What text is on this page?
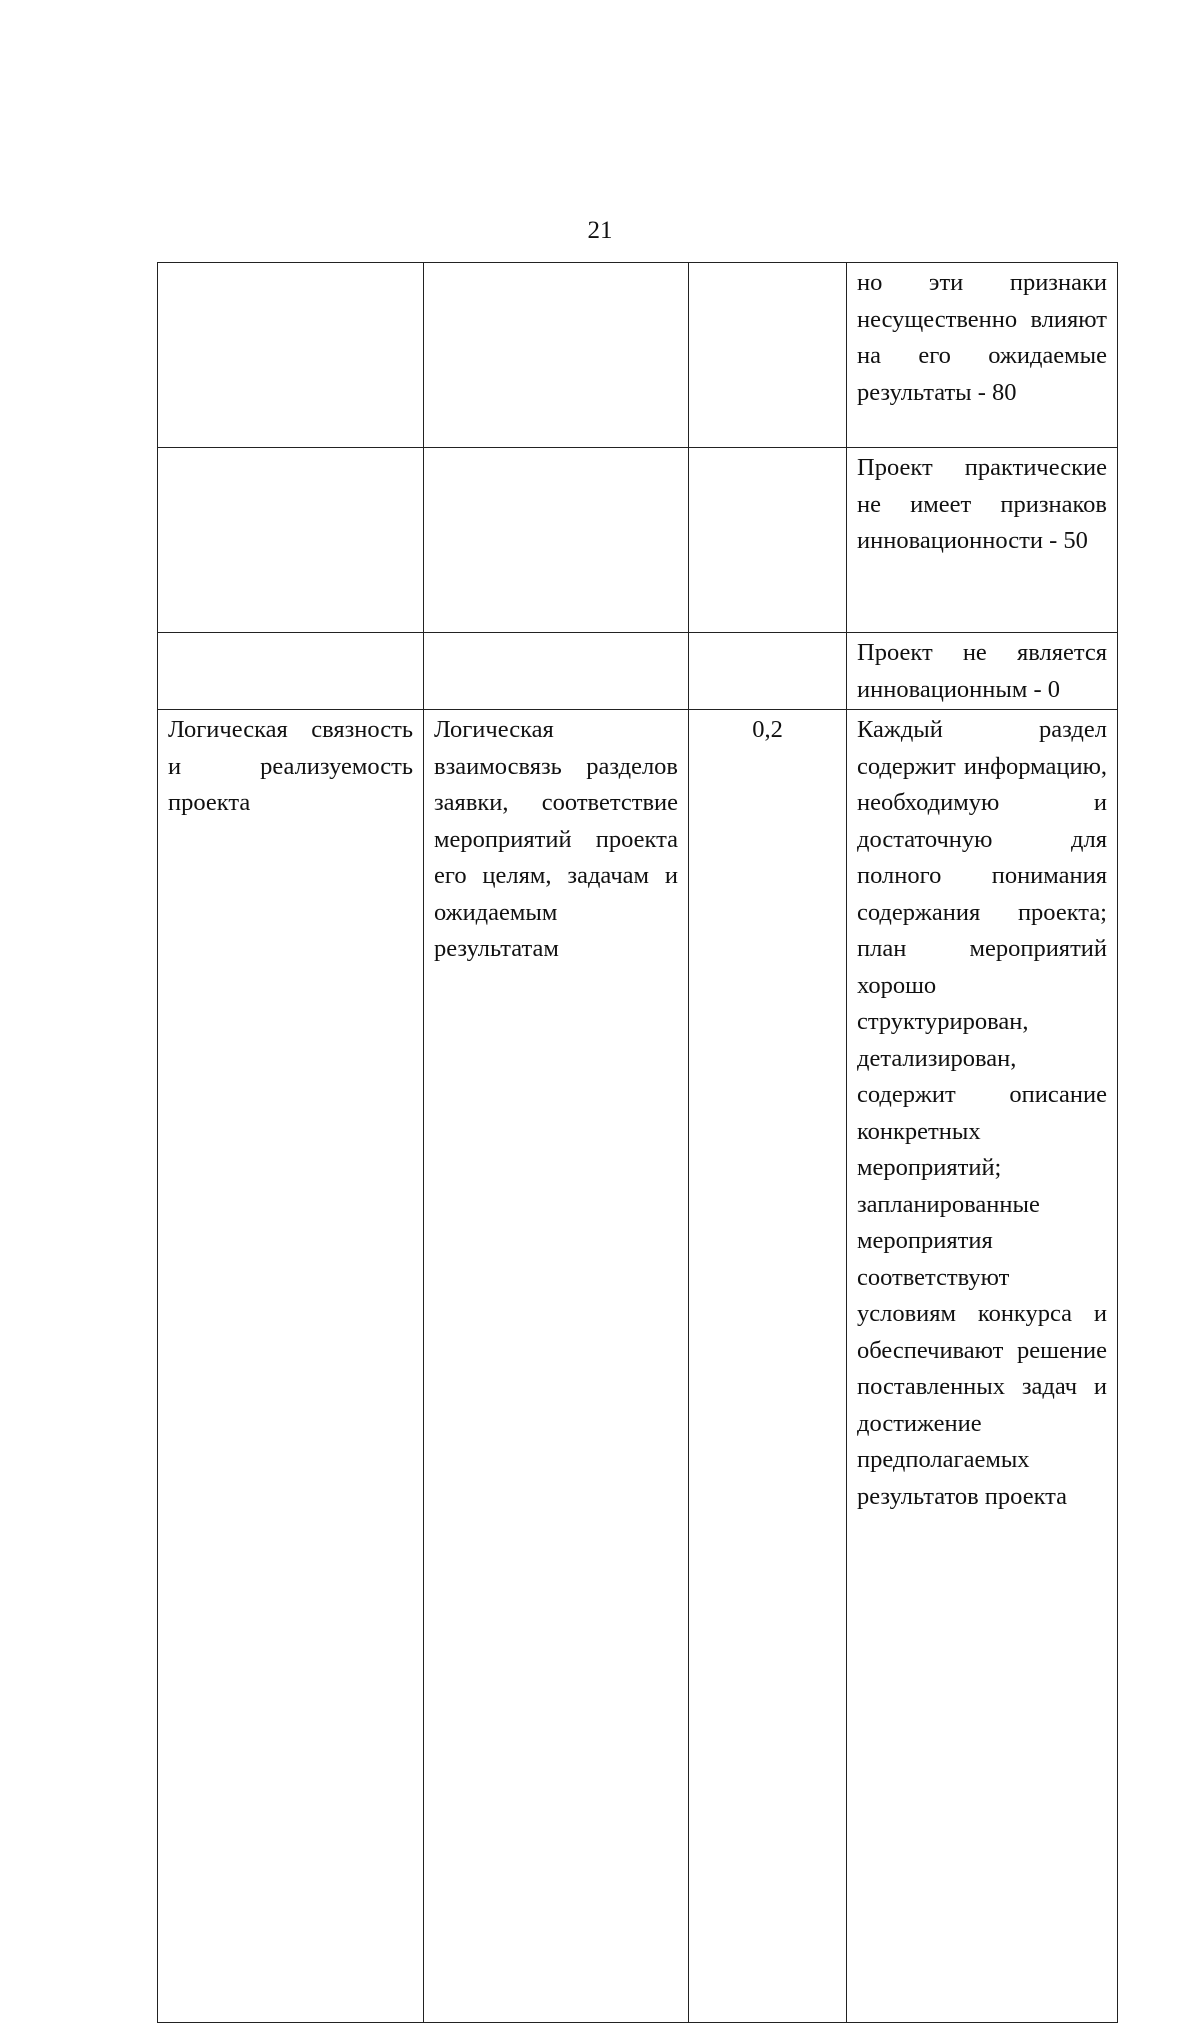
21
			но эти признаки несущественно влияют на его ожидаемые результаты - 80
			Проект практические не имеет признаков инновационности - 50
			Проект не является инновационным - 0
Логическая связность и реализуемость проекта	Логическая взаимосвязь разделов заявки, соответствие мероприятий проекта его целям, задачам и ожидаемым результатам	0,2	Каждый раздел содержит информацию, необходимую и достаточную для полного понимания содержания проекта; план мероприятий хорошо структурирован, детализирован, содержит описание конкретных мероприятий; запланированные мероприятия соответствуют условиям конкурса и обеспечивают решение поставленных задач и достижение предполагаемых результатов проекта
